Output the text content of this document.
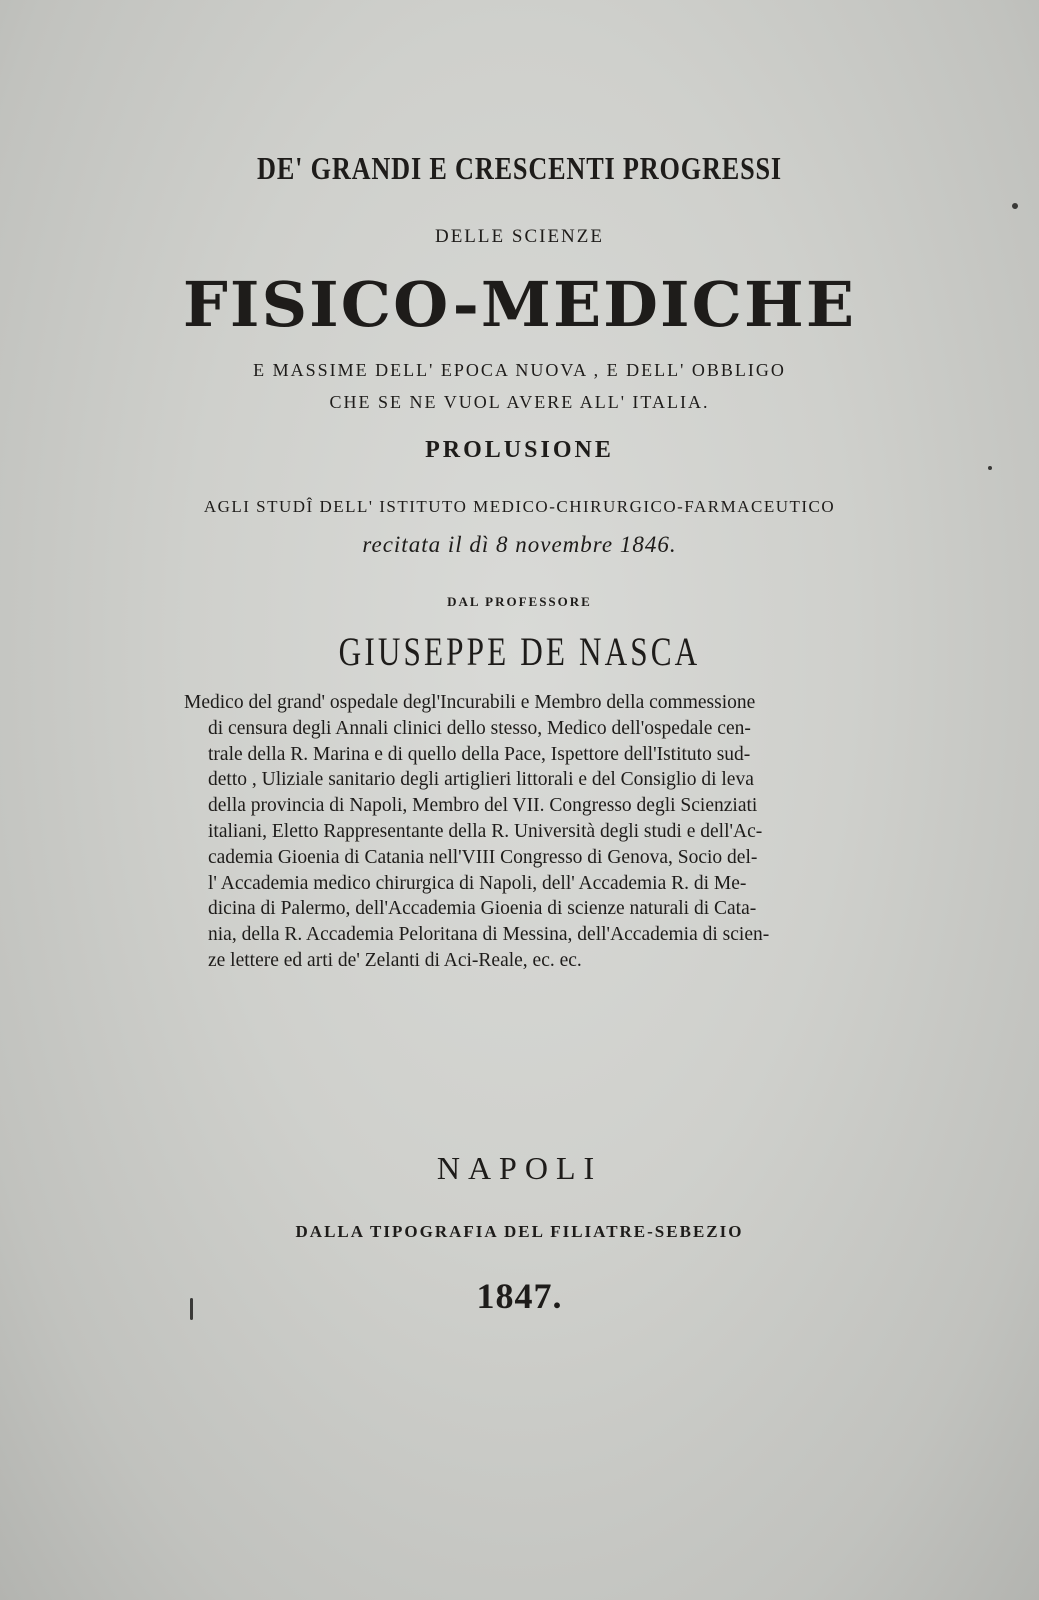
DE' GRANDI E CRESCENTI PROGRESSI
DELLE SCIENZE
FISICO-MEDICHE
E MASSIME DELL' EPOCA NUOVA , E DELL' OBBLIGO
CHE SE NE VUOL AVERE ALL' ITALIA.
PROLUSIONE
AGLI STUDÎ DELL' ISTITUTO MEDICO-CHIRURGICO-FARMACEUTICO
recitata il dì 8 novembre 1846.
DAL PROFESSORE
GIUSEPPE DE NASCA
Medico del grand' ospedale degl'Incurabili e Membro della commessione
di censura degli Annali clinici dello stesso, Medico dell'ospedale cen-
trale della R. Marina e di quello della Pace, Ispettore dell'Istituto sud-
detto , Uliziale sanitario degli artiglieri littorali e del Consiglio di leva
della provincia di Napoli, Membro del VII. Congresso degli Scienziati
italiani, Eletto Rappresentante della R. Università degli studi e dell'Ac-
cademia Gioenia di Catania nell'VIII Congresso di Genova, Socio del-
l' Accademia medico chirurgica di Napoli, dell' Accademia R. di Me-
dicina di Palermo, dell'Accademia Gioenia di scienze naturali di Cata-
nia, della R. Accademia Peloritana di Messina, dell'Accademia di scien-
ze lettere ed arti de' Zelanti di Aci-Reale, ec. ec.
NAPOLI
DALLA TIPOGRAFIA DEL FILIATRE-SEBEZIO
1847.
